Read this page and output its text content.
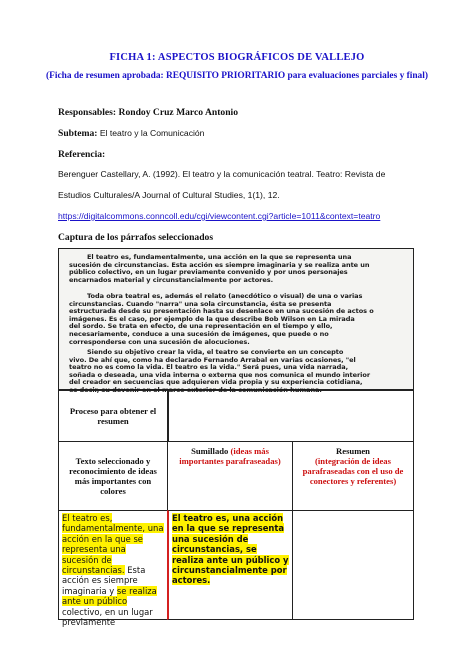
FICHA 1: ASPECTOS BIOGRÁFICOS DE VALLEJO
(Ficha de resumen aprobada: REQUISITO PRIORITARIO para evaluaciones parciales y final)
Responsables: Rondoy Cruz Marco Antonio
Subtema: El teatro y la Comunicación
Referencia:
Berenguer Castellary, A. (1992). El teatro y la comunicación teatral. Teatro: Revista de
Estudios Culturales/A Journal of Cultural Studies, 1(1), 12.
https://digitalcommons.conncoll.edu/cgi/viewcontent.cgi?article=1011&context=teatro
Captura de los párrafos seleccionados

El teatro es, fundamentalmente, una acción en la que se representa una

sucesión de circunstancias. Esta acción es siempre imaginaria y se realiza ante un

público colectivo, en un lugar previamente convenido y por unos personajes

encarnados material y circunstancialmente por actores.

Toda obra teatral es, además el relato (anecdótico o visual) de una o varias

circunstancias. Cuando "narra" una sola circunstancia, ésta se presenta

estructurada desde su presentación hasta su desenlace en una sucesión de actos o

imágenes. Es el caso, por ejemplo de la que describe Bob Wilson en La mirada

del sordo. Se trata en efecto, de una representación en el tiempo y ello,

necesariamente, conduce a una sucesión de imágenes, que puede o no

corresponderse con una sucesión de alocuciones.

Siendo su objetivo crear la vida, el teatro se convierte en un concepto

vivo. De ahí que, como ha declarado Fernando Arrabal en varias ocasiones, "el

teatro no es como la vida. El teatro es la vida." Será pues, una vida narrada,

soñada o deseada, una vida interna o externa que nos comunica el mundo interior

del creador en secuencias que adquieren vida propia y su experiencia cotidiana,

es decir, su devenir en el marco exterior de la comunicación humana.

Proceso para obtener el resumen
Texto seleccionado y reconocimiento de ideas más importantes con colores
Sumillado (ideas más importantes parafraseadas)
Resumen
(integración de ideas parafraseadas con el uso de conectores y referentes)
El teatro es, fundamentalmente, una acción en la que se representa una sucesión de circunstancias. Esta acción es siempre imaginaria y se realiza ante un público colectivo, en un lugar previamente
El teatro es, una acción en la que se representa una sucesión de circunstancias, se realiza ante un público y circunstancialmente por actores.
